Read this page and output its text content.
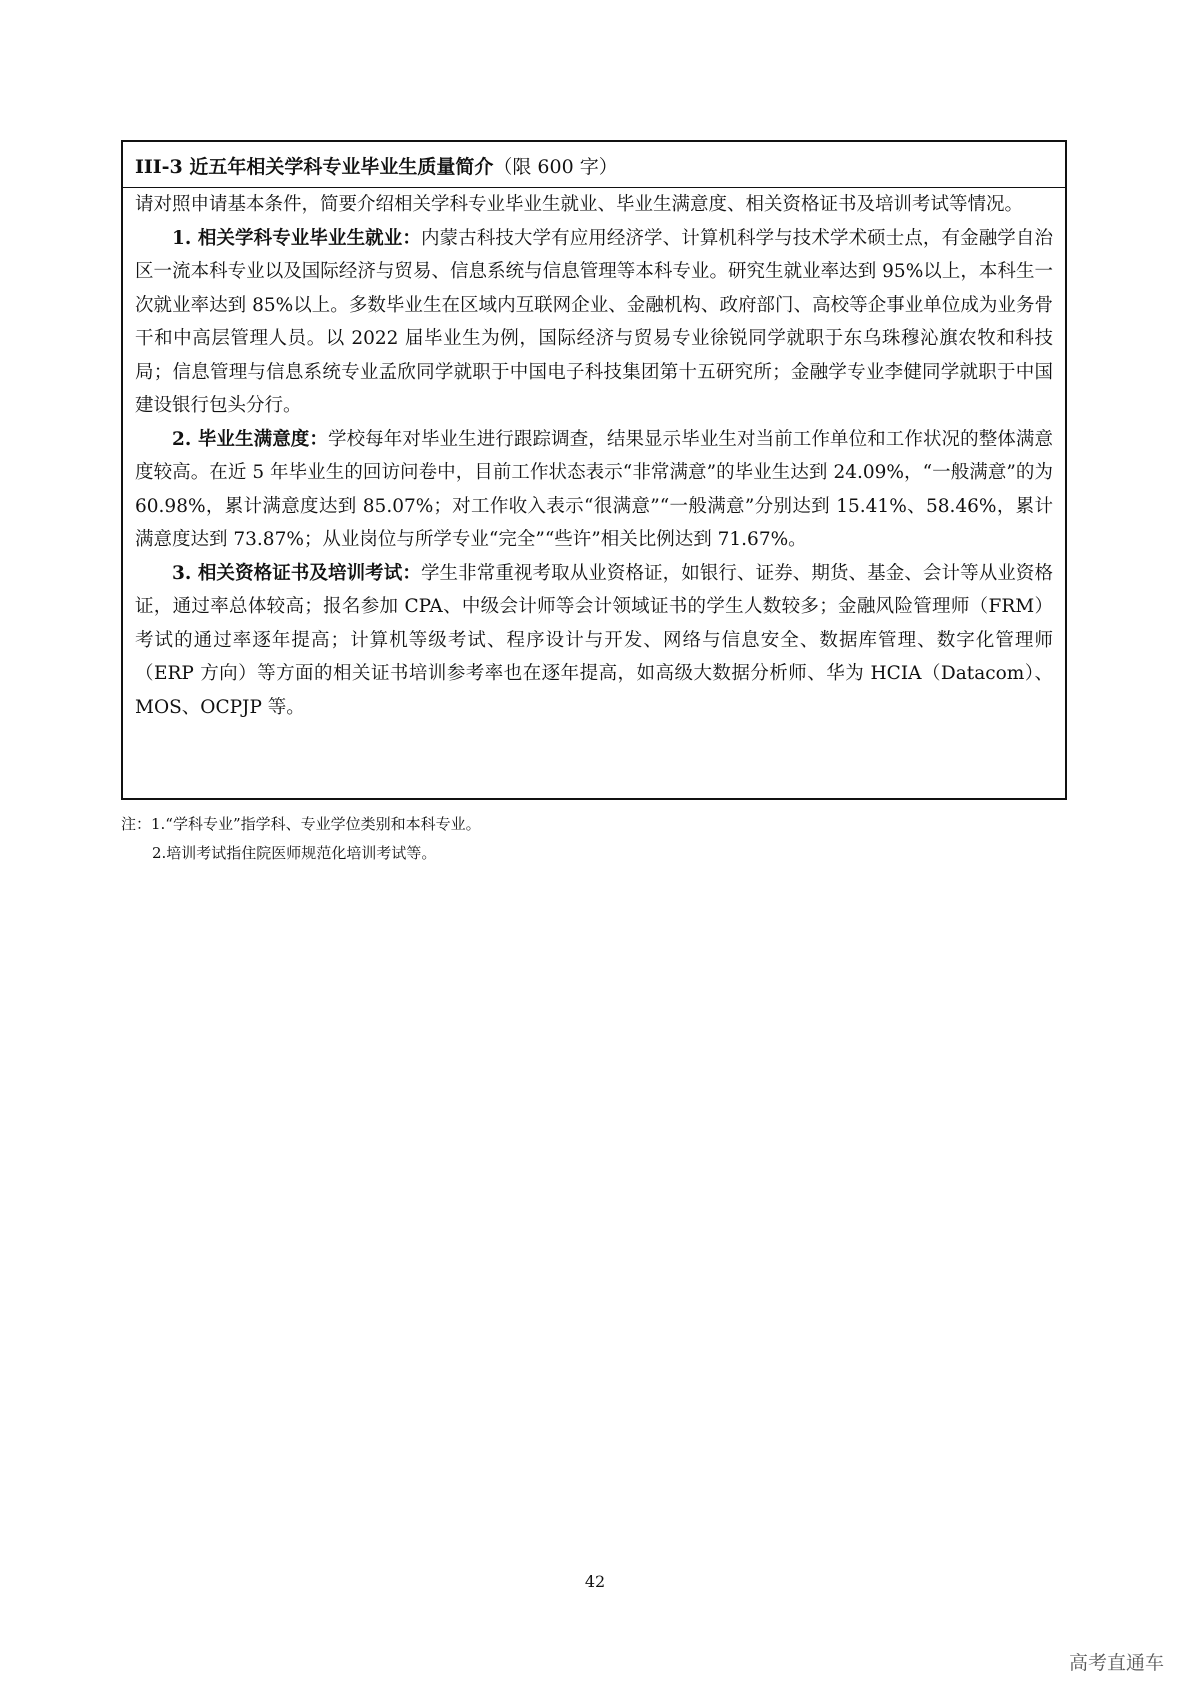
III-3 近五年相关学科专业毕业生质量简介（限 600 字）

请对照申请基本条件，简要介绍相关学科专业毕业生就业、毕业生满意度、相关资格证书及培训考试等情况。

1. 相关学科专业毕业生就业：内蒙古科技大学有应用经济学、计算机科学与技术学术硕士点，有金融学自治区一流本科专业以及国际经济与贸易、信息系统与信息管理等本科专业。研究生就业率达到 95%以上，本科生一次就业率达到 85%以上。多数毕业生在区域内互联网企业、金融机构、政府部门、高校等企事业单位成为业务骨干和中高层管理人员。以 2022 届毕业生为例，国际经济与贸易专业徐锐同学就职于东乌珠穆沁旗农牧和科技局；信息管理与信息系统专业孟欣同学就职于中国电子科技集团第十五研究所；金融学专业李健同学就职于中国建设银行包头分行。

2. 毕业生满意度：学校每年对毕业生进行跟踪调查，结果显示毕业生对当前工作单位和工作状况的整体满意度较高。在近 5 年毕业生的回访问卷中，目前工作状态表示“非常满意”的毕业生达到 24.09%，“一般满意”的为 60.98%，累计满意度达到 85.07%；对工作收入表示“很满意”“一般满意”分别达到 15.41%、58.46%，累计满意度达到 73.87%；从业岗位与所学专业“完全”“些许”相关比例达到 71.67%。

3. 相关资格证书及培训考试：学生非常重视考取从业资格证，如银行、证券、期货、基金、会计等从业资格证，通过率总体较高；报名参加 CPA、中级会计师等会计领域证书的学生人数较多；金融风险管理师（FRM）考试的通过率逐年提高；计算机等级考试、程序设计与开发、网络与信息安全、数据库管理、数字化管理师（ERP 方向）等方面的相关证书培训参考率也在逐年提高，如高级大数据分析师、华为 HCIA（Datacom）、MOS、OCPJP 等。

注：1.“学科专业”指学科、专业学位类别和本科专业。

2.培训考试指住院医师规范化培训考试等。

42
高考直通车
